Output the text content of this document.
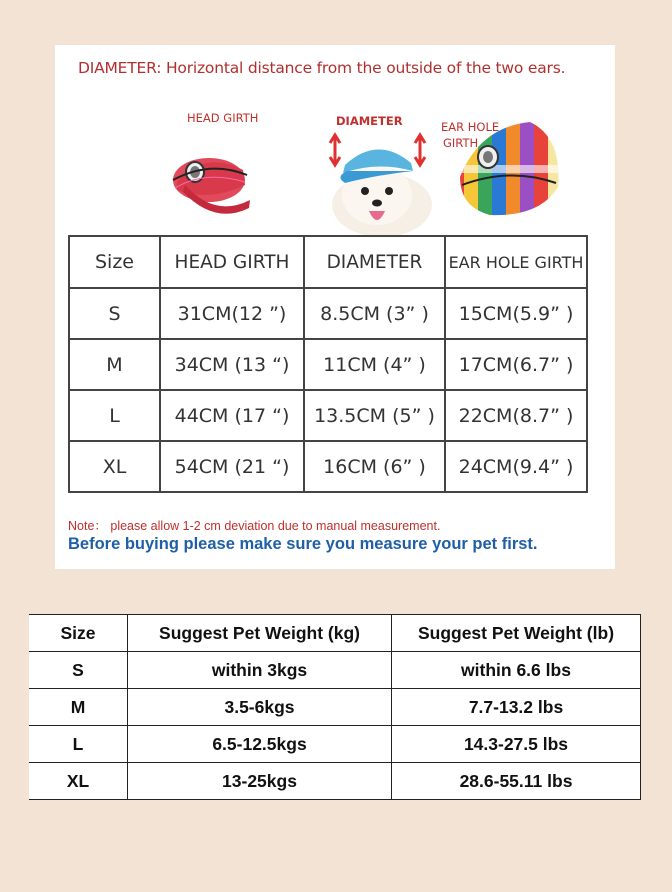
DIAMETER: Horizontal distance from the outside of the two ears.
HEAD GIRTH	DIAMETER	EAR HOLE
GIRTH
Size	HEAD GIRTH	DIAMETER	EAR HOLE GIRTH
S	31CM(12 ”)	8.5CM (3” )	15CM(5.9” )
M	34CM (13 “)	11CM (4” )	17CM(6.7” )
L	44CM (17 “)	13.5CM (5” )	22CM(8.7” )
XL	54CM (21 “)	16CM (6” )	24CM(9.4” )
Note： please allow 1-2 cm deviation due to manual measurement.
Before buying please make sure you measure your pet first.
Size	Suggest Pet Weight (kg)	Suggest Pet Weight (lb)
S	within 3kgs	within 6.6 lbs
M	3.5-6kgs	7.7-13.2 lbs
L	6.5-12.5kgs	14.3-27.5 lbs
XL	13-25kgs	28.6-55.11 lbs
